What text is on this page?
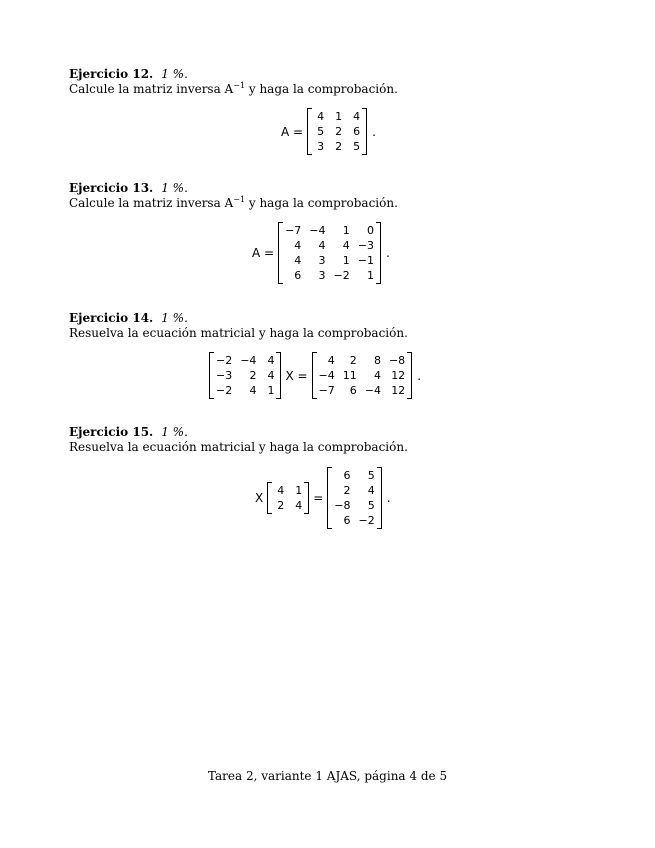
Ejercicio 12. 1 %.
Calcule la matriz inversa $A^{-1}$ y haga la comprobación.
A =
4 1 4
5 2 6
3 2 5
.
Ejercicio 13. 1 %.
Calcule la matriz inversa $A^{-1}$ y haga la comprobación.
A =
−7 −4	1	0
4	4	4 −3
4	3	1 −1
6	3 −2	1
.
Ejercicio 14. 1 %.
Resuelva la ecuación matricial y haga la comprobación.
−2 −4 4
−3	2 4
−2	4 1
X =
4	2	8 −8
−4 11	4 12
−7	6 −4 12
.
Ejercicio 15. 1 %.
Resuelva la ecuación matricial y haga la comprobación.
X
4 1
2 4
=
6	5
2	4
−8	5
6 −2
.
Tarea 2, variante 1 AJAS, página 4 de 5
